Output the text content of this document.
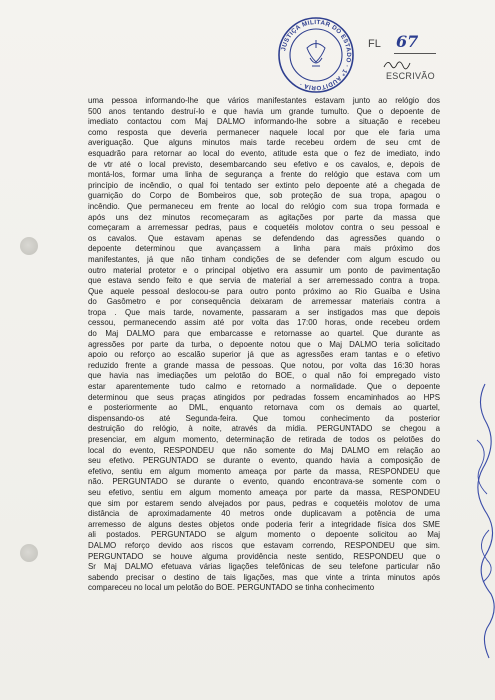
JUSTIÇA MILITAR DO ESTADO · 1ª AUDITORIA ·
FL 67
ESCRIVÃO
uma pessoa informando-lhe que vários manifestantes estavam junto ao relógio dos
500 anos tentando destruí-lo e que havia um grande tumulto. Que o depoente de
imediato contactou com Maj DALMO informando-lhe sobre a situação e recebeu
como resposta que deveria permanecer naquele local por que ele faria uma
averiguação. Que alguns minutos mais tarde recebeu ordem de seu cmt de
esquadrão para retornar ao local do evento, atitude esta que o fez de imediato, indo
de vtr até o local previsto, desembarcando seu efetivo e os cavalos, e, depois de
montá-los, formar uma linha de segurança a frente do relógio que estava com um
princípio de incêndio, o qual foi tentado ser extinto pelo depoente até a chegada de
guarnição do Corpo de Bombeiros que, sob proteção de sua tropa, apagou o
incêndio. Que permaneceu em frente ao local do relógio com sua tropa formada e
após uns dez minutos recomeçaram as agitações por parte da massa que
começaram a arremessar pedras, paus e coquetéis molotov contra o seu pessoal e
os cavalos. Que estavam apenas se defendendo das agressões quando o
depoente determinou que avançassem a linha para mais próximo dos
manifestantes, já que não tinham condições de se defender com algum escudo ou
outro material protetor e o principal objetivo era assumir um ponto de pavimentação
que estava sendo feito e que servia de material a ser arremessado contra a tropa.
Que aquele pessoal deslocou-se para outro ponto próximo ao Rio Guaíba e Usina
do Gasômetro e por consequência deixaram de arremessar materiais contra a
tropa . Que mais tarde, novamente, passaram a ser instigados mas que depois
cessou, permanecendo assim até por volta das 17:00 horas, onde recebeu ordem
do Maj DALMO para que embarcasse e retornasse ao quartel. Que durante as
agressões por parte da turba, o depoente notou que o Maj DALMO teria solicitado
apoio ou reforço ao escalão superior já que as agressões eram tantas e o efetivo
reduzido frente a grande massa de pessoas. Que notou, por volta das 16:30 horas
que havia nas imediações um pelotão do BOE, o qual não foi empregado visto
estar aparentemente tudo calmo e retornado a normalidade. Que o depoente
determinou que seus praças atingidos por pedradas fossem encaminhados ao HPS
e posteriormente ao DML, enquanto retornava com os demais ao quartel,
dispensando-os até Segunda-feira. Que tomou conhecimento da posterior
destruição do relógio, à noite, através da mídia. PERGUNTADO se chegou a
presenciar, em algum momento, determinação de retirada de todos os pelotões do
local do evento, RESPONDEU que não somente do Maj DALMO em relação ao
seu efetivo. PERGUNTADO se durante o evento, quando havia a composição de
efetivo, sentiu em algum momento ameaça por parte da massa, RESPONDEU que
não. PERGUNTADO se durante o evento, quando encontrava-se somente com o
seu efetivo, sentiu em algum momento ameaça por parte da massa, RESPONDEU
que sim por estarem sendo alvejados por paus, pedras e coquetéis molotov de uma
distância de aproximadamente 40 metros onde duplicavam a potência de uma
arremesso de alguns destes objetos onde poderia ferir a integridade física dos SME
ali postados. PERGUNTADO se algum momento o depoente solicitou ao Maj
DALMO reforço devido aos riscos que estavam correndo, RESPONDEU que sim.
PERGUNTADO se houve alguma providência neste sentido, RESPONDEU que o
Sr Maj DALMO efetuava várias ligações telefônicas de seu telefone particular não
sabendo precisar o destino de tais ligações, mas que vinte a trinta minutos após
compareceu no local um pelotão do BOE. PERGUNTADO se tinha conhecimento
